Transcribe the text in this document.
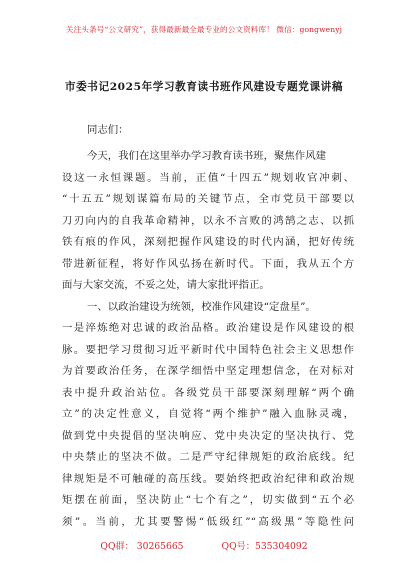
关注头条号“公文研究”，获得最新最全最专业的公文资料库！ 微信：gongwenyj
市委书记2025年学习教育读书班作风建设专题党课讲稿
同志们：
今天，我们在这里举办学习教育读书班，聚焦作风建
设这一永恒课题。当前，正值“十四五”规划收官冲刺、
“十五五”规划谋篇布局的关键节点，全市党员干部要以
刀刃向内的自我革命精神，以永不言败的鸿鹄之志、以抓
铁有痕的作风，深刻把握作风建设的时代内涵，把好传统
带进新征程，将好作风弘扬在新时代。下面，我从五个方
面与大家交流，不妥之处，请大家批评指正。
一、以政治建设为统领，校准作风建设“定盘星”。
一是淬炼绝对忠诚的政治品格。政治建设是作风建设的根
脉。要把学习贯彻习近平新时代中国特色社会主义思想作
为首要政治任务，在深学细悟中坚定理想信念，在对标对
表中提升政治站位。各级党员干部要深刻理解“两个确
立”的决定性意义，自觉将“两个维护”融入血脉灵魂，
做到党中央提倡的坚决响应、党中央决定的坚决执行、党
中央禁止的坚决不做。二是严守纪律规矩的政治底线。纪
律规矩是不可触碰的高压线。要始终把政治纪律和政治规
矩摆在前面，坚决防止“七个有之”，切实做到“五个必
须”。当前，尤其要警惕“低级红”“高级黑”等隐性问
QQ群： 30265665	QQ号：535304092
